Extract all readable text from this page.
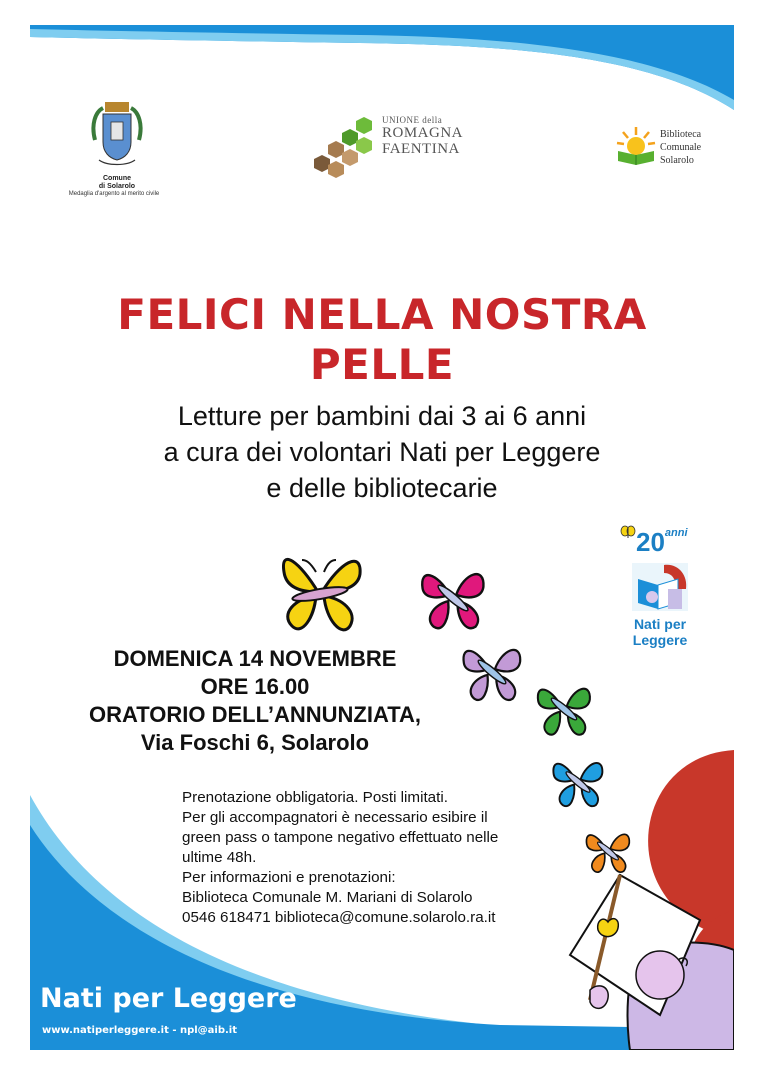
Comune
di Solarolo
Medaglia d'argento al merito civile
UNIONE della
ROMAGNA
FAENTINA
Biblioteca
Comunale
Solarolo
FELICI NELLA NOSTRA
PELLE
Letture per bambini dai 3 ai 6 anni
a cura dei volontari Nati per Leggere
e delle bibliotecarie
$20^{anni}$
Nati per
Leggere
DOMENICA 14 NOVEMBRE
ORE 16.00
ORATORIO DELL’ANNUNZIATA,
Via Foschi 6, Solarolo
Prenotazione obbligatoria. Posti limitati.
Per gli accompagnatori è necessario esibire il
green pass o tampone negativo effettuato nelle
ultime 48h.
Per informazioni e prenotazioni:
Biblioteca Comunale M. Mariani di Solarolo
0546 618471 biblioteca@comune.solarolo.ra.it
Nati per Leggere
www.natiperleggere.it - npl@aib.it
